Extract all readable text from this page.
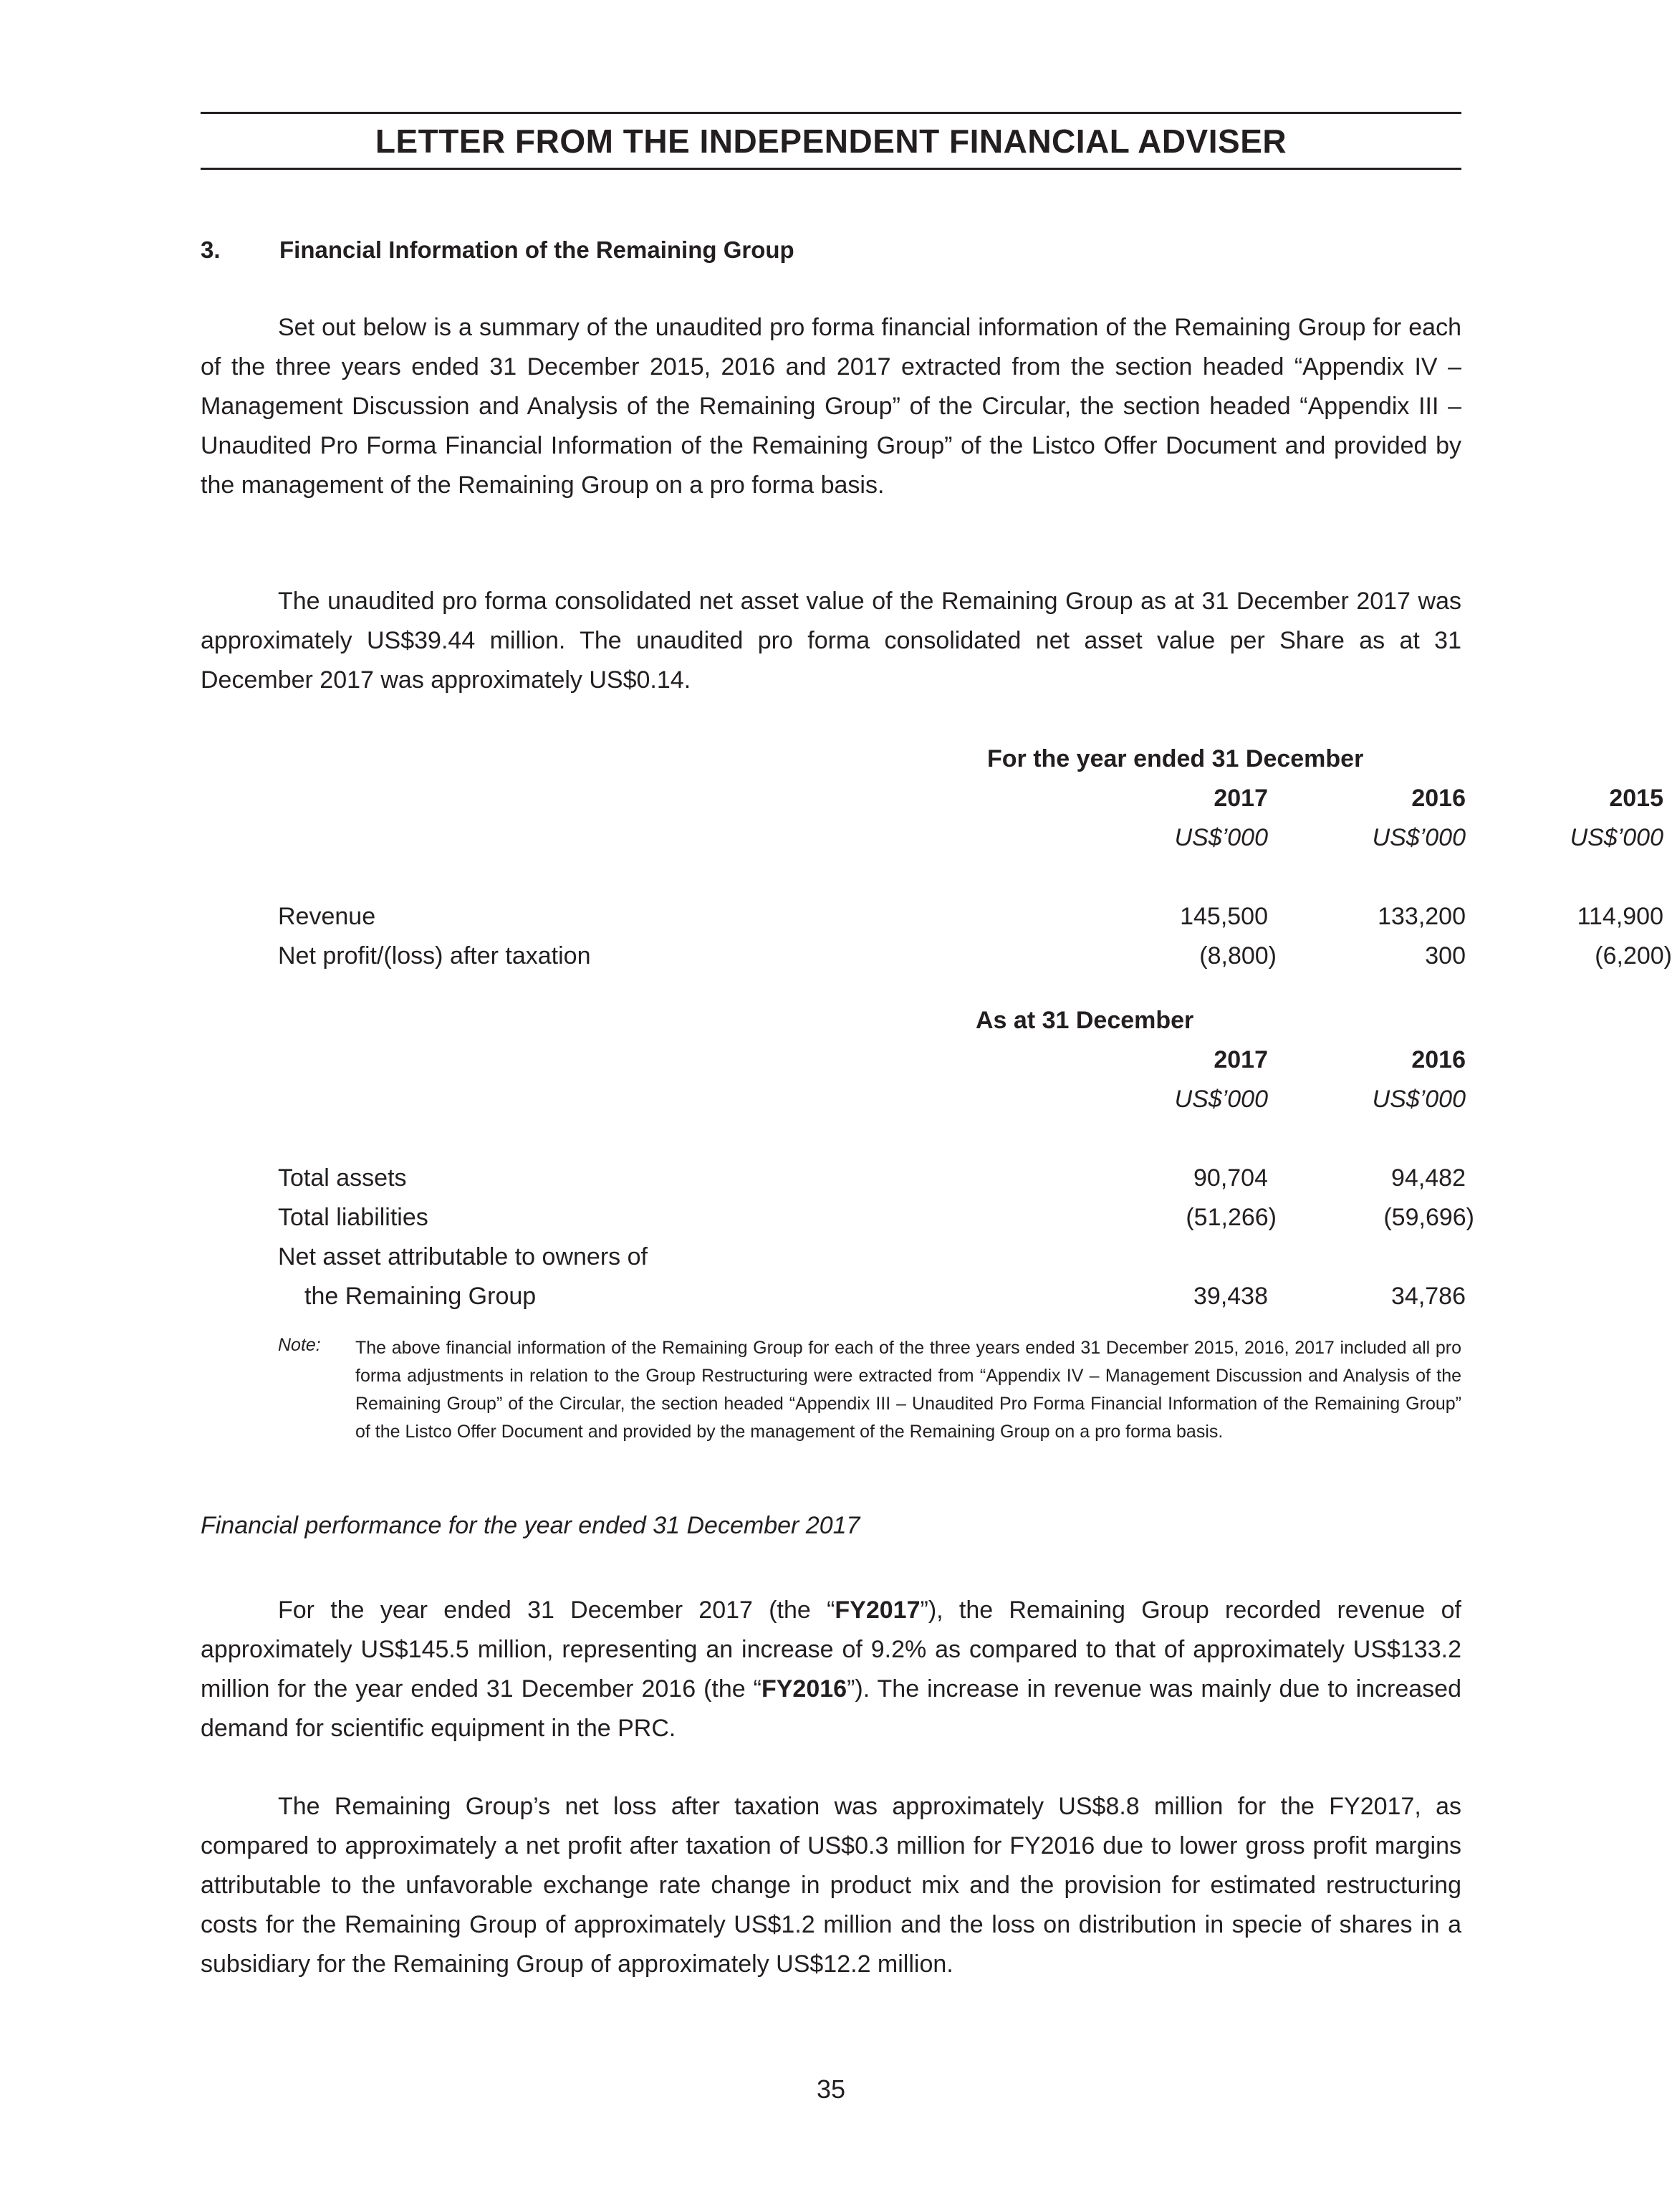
LETTER FROM THE INDEPENDENT FINANCIAL ADVISER
3. Financial Information of the Remaining Group
Set out below is a summary of the unaudited pro forma financial information of the Remaining Group for each of the three years ended 31 December 2015, 2016 and 2017 extracted from the section headed “Appendix IV – Management Discussion and Analysis of the Remaining Group” of the Circular, the section headed “Appendix III – Unaudited Pro Forma Financial Information of the Remaining Group” of the Listco Offer Document and provided by the management of the Remaining Group on a pro forma basis.
The unaudited pro forma consolidated net asset value of the Remaining Group as at 31 December 2017 was approximately US$39.44 million. The unaudited pro forma consolidated net asset value per Share as at 31 December 2017 was approximately US$0.14.
For the year ended 31 December
2017	2016	2015
US$’000	US$’000	US$’000
Revenue	145,500	133,200	114,900
Net profit/(loss) after taxation	(8,800)	300	(6,200)
As at 31 December
2017	2016
US$’000	US$’000
Total assets	90,704	94,482
Total liabilities	(51,266)	(59,696)
Net asset attributable to owners of
the Remaining Group	39,438	34,786
Note: The above financial information of the Remaining Group for each of the three years ended 31 December 2015, 2016, 2017 included all pro forma adjustments in relation to the Group Restructuring were extracted from “Appendix IV – Management Discussion and Analysis of the Remaining Group” of the Circular, the section headed “Appendix III – Unaudited Pro Forma Financial Information of the Remaining Group” of the Listco Offer Document and provided by the management of the Remaining Group on a pro forma basis.
Financial performance for the year ended 31 December 2017
For the year ended 31 December 2017 (the “FY2017”), the Remaining Group recorded revenue of approximately US$145.5 million, representing an increase of 9.2% as compared to that of approximately US$133.2 million for the year ended 31 December 2016 (the “FY2016”). The increase in revenue was mainly due to increased demand for scientific equipment in the PRC.
The Remaining Group’s net loss after taxation was approximately US$8.8 million for the FY2017, as compared to approximately a net profit after taxation of US$0.3 million for FY2016 due to lower gross profit margins attributable to the unfavorable exchange rate change in product mix and the provision for estimated restructuring costs for the Remaining Group of approximately US$1.2 million and the loss on distribution in specie of shares in a subsidiary for the Remaining Group of approximately US$12.2 million.
35
